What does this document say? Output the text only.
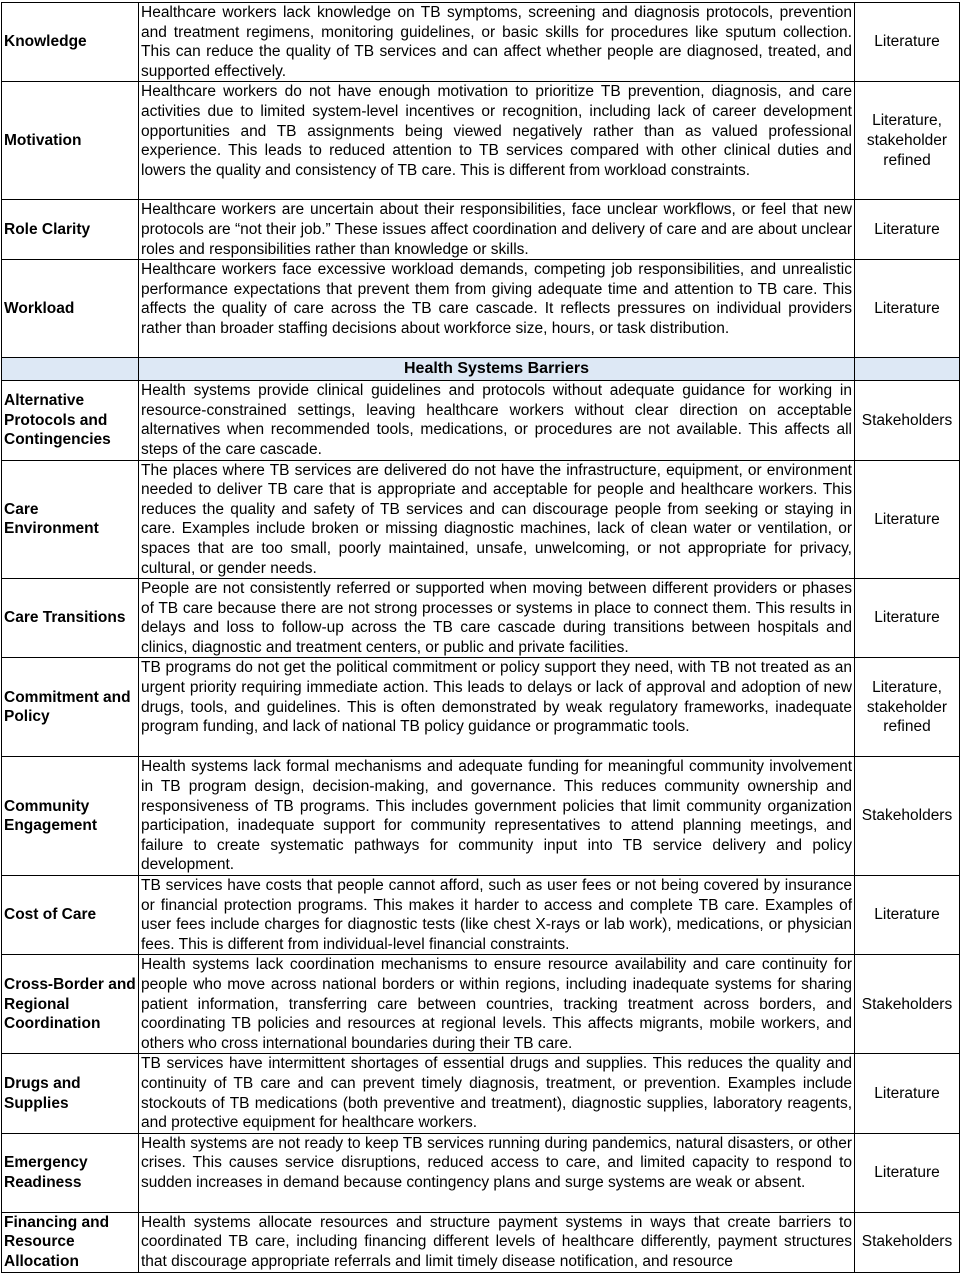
Knowledge	Healthcare workers lack knowledge on TB symptoms, screening and diagnosis protocols, prevention and treatment regimens, monitoring guidelines, or basic skills for procedures like sputum collection. This can reduce the quality of TB services and can affect whether people are diagnosed, treated, and supported effectively.	Literature
Motivation	Healthcare workers do not have enough motivation to prioritize TB prevention, diagnosis, and care activities due to limited system-level incentives or recognition, including lack of career development opportunities and TB assignments being viewed negatively rather than as valued professional experience. This leads to reduced attention to TB services compared with other clinical duties and lowers the quality and consistency of TB care. This is different from workload constraints.	Literature, stakeholder refined
Role Clarity	Healthcare workers are uncertain about their responsibilities, face unclear workflows, or feel that new protocols are “not their job.” These issues affect coordination and delivery of care and are about unclear roles and responsibilities rather than knowledge or skills.	Literature
Workload	Healthcare workers face excessive workload demands, competing job responsibilities, and unrealistic performance expectations that prevent them from giving adequate time and attention to TB care. This affects the quality of care across the TB care cascade. It reflects pressures on individual providers rather than broader staffing decisions about workforce size, hours, or task distribution.	Literature
	Health Systems Barriers	
Alternative Protocols and Contingencies	Health systems provide clinical guidelines and protocols without adequate guidance for working in resource-constrained settings, leaving healthcare workers without clear direction on acceptable alternatives when recommended tools, medications, or procedures are not available. This affects all steps of the care cascade.	Stakeholders
Care Environment	The places where TB services are delivered do not have the infrastructure, equipment, or environment needed to deliver TB care that is appropriate and acceptable for people and healthcare workers. This reduces the quality and safety of TB services and can discourage people from seeking or staying in care. Examples include broken or missing diagnostic machines, lack of clean water or ventilation, or spaces that are too small, poorly maintained, unsafe, unwelcoming, or not appropriate for privacy, cultural, or gender needs.	Literature
Care Transitions	People are not consistently referred or supported when moving between different providers or phases of TB care because there are not strong processes or systems in place to connect them. This results in delays and loss to follow-up across the TB care cascade during transitions between hospitals and clinics, diagnostic and treatment centers, or public and private facilities.	Literature
Commitment and Policy	TB programs do not get the political commitment or policy support they need, with TB not treated as an urgent priority requiring immediate action. This leads to delays or lack of approval and adoption of new drugs, tools, and guidelines. This is often demonstrated by weak regulatory frameworks, inadequate program funding, and lack of national TB policy guidance or programmatic tools.	Literature, stakeholder refined
Community Engagement	Health systems lack formal mechanisms and adequate funding for meaningful community involvement in TB program design, decision-making, and governance. This reduces community ownership and responsiveness of TB programs. This includes government policies that limit community organization participation, inadequate support for community representatives to attend planning meetings, and failure to create systematic pathways for community input into TB service delivery and policy development.	Stakeholders
Cost of Care	TB services have costs that people cannot afford, such as user fees or not being covered by insurance or financial protection programs. This makes it harder to access and complete TB care. Examples of user fees include charges for diagnostic tests (like chest X-rays or lab work), medications, or physician fees. This is different from individual-level financial constraints.	Literature
Cross-Border and Regional Coordination	Health systems lack coordination mechanisms to ensure resource availability and care continuity for people who move across national borders or within regions, including inadequate systems for sharing patient information, transferring care between countries, tracking treatment across borders, and coordinating TB policies and resources at regional levels. This affects migrants, mobile workers, and others who cross international boundaries during their TB care.	Stakeholders
Drugs and Supplies	TB services have intermittent shortages of essential drugs and supplies. This reduces the quality and continuity of TB care and can prevent timely diagnosis, treatment, or prevention. Examples include stockouts of TB medications (both preventive and treatment), diagnostic supplies, laboratory reagents, and protective equipment for healthcare workers.	Literature
Emergency Readiness	Health systems are not ready to keep TB services running during pandemics, natural disasters, or other crises. This causes service disruptions, reduced access to care, and limited capacity to respond to sudden increases in demand because contingency plans and surge systems are weak or absent.	Literature
Financing and Resource Allocation	Health systems allocate resources and structure payment systems in ways that create barriers to coordinated TB care, including financing different levels of healthcare differently, payment structures that discourage appropriate referrals and limit timely disease notification, and resource	Stakeholders
